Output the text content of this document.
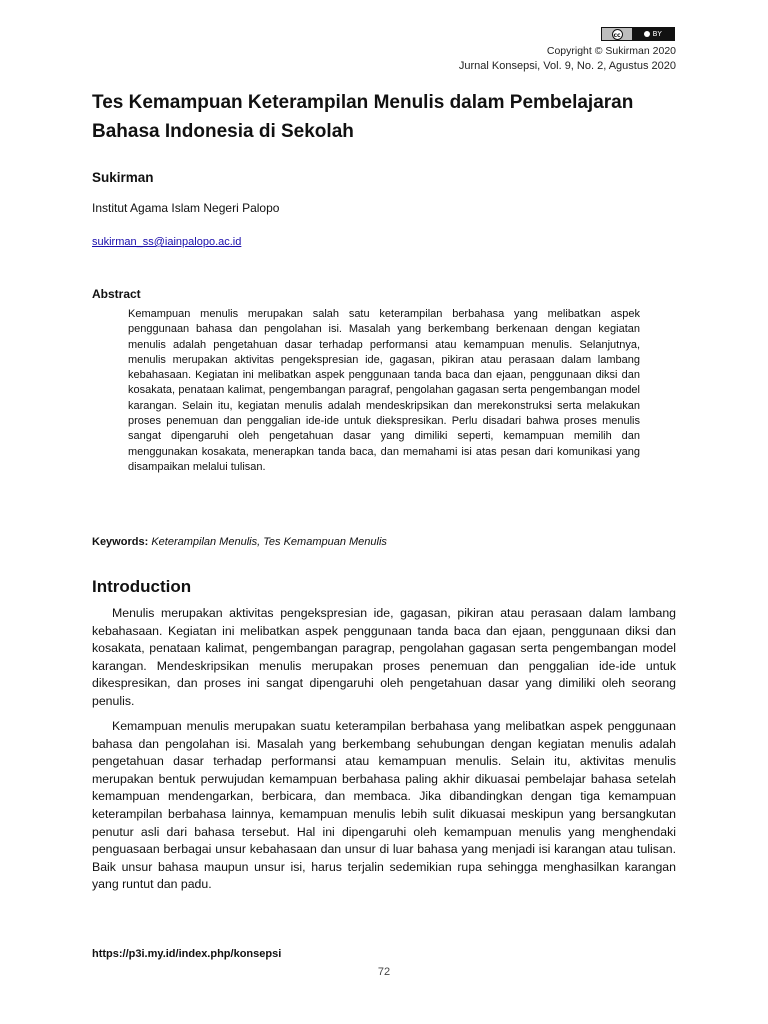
cc	BY
Copyright © Sukirman 2020
Jurnal Konsepsi, Vol. 9, No. 2, Agustus 2020
Tes Kemampuan Keterampilan Menulis dalam Pembelajaran Bahasa Indonesia di Sekolah
Sukirman
Institut Agama Islam Negeri Palopo
sukirman_ss@iainpalopo.ac.id
Abstract
Kemampuan menulis merupakan salah satu keterampilan berbahasa yang melibatkan aspek penggunaan bahasa dan pengolahan isi. Masalah yang berkembang berkenaan dengan kegiatan menulis adalah pengetahuan dasar terhadap performansi atau kemampuan menulis. Selanjutnya, menulis merupakan aktivitas pengekspresian ide, gagasan, pikiran atau perasaan dalam lambang kebahasaan. Kegiatan ini melibatkan aspek penggunaan tanda baca dan ejaan, penggunaan diksi dan kosakata, penataan kalimat, pengembangan paragraf, pengolahan gagasan serta pengembangan model karangan. Selain itu, kegiatan menulis adalah mendeskripsikan dan merekonstruksi serta melakukan proses penemuan dan penggalian ide-ide untuk diekspresikan. Perlu disadari bahwa proses menulis sangat dipengaruhi oleh pengetahuan dasar yang dimiliki seperti, kemampuan memilih dan menggunakan kosakata, menerapkan tanda baca, dan memahami isi atas pesan dari komunikasi yang disampaikan melalui tulisan.
Keywords: Keterampilan Menulis, Tes Kemampuan Menulis
Introduction
Menulis merupakan aktivitas pengekspresian ide, gagasan, pikiran atau perasaan dalam lambang kebahasaan. Kegiatan ini melibatkan aspek penggunaan tanda baca dan ejaan, penggunaan diksi dan kosakata, penataan kalimat, pengembangan paragrap, pengolahan gagasan serta pengembangan model karangan. Mendeskripsikan menulis merupakan proses penemuan dan penggalian ide-ide untuk dikespresikan, dan proses ini sangat dipengaruhi oleh pengetahuan dasar yang dimiliki oleh seorang penulis.
Kemampuan menulis merupakan suatu keterampilan berbahasa yang melibatkan aspek penggunaan bahasa dan pengolahan isi. Masalah yang berkembang sehubungan dengan kegiatan menulis adalah pengetahuan dasar terhadap performansi atau kemampuan menulis. Selain itu, aktivitas menulis merupakan bentuk perwujudan kemampuan berbahasa paling akhir dikuasai pembelajar bahasa setelah kemampuan mendengarkan, berbicara, dan membaca. Jika dibandingkan dengan tiga kemampuan keterampilan berbahasa lainnya, kemampuan menulis lebih sulit dikuasai meskipun yang bersangkutan penutur asli dari bahasa tersebut. Hal ini dipengaruhi oleh kemampuan menulis yang menghendaki penguasaan berbagai unsur kebahasaan dan unsur di luar bahasa yang menjadi isi karangan atau tulisan. Baik unsur bahasa maupun unsur isi, harus terjalin sedemikian rupa sehingga menghasilkan karangan yang runtut dan padu.
https://p3i.my.id/index.php/konsepsi
72
